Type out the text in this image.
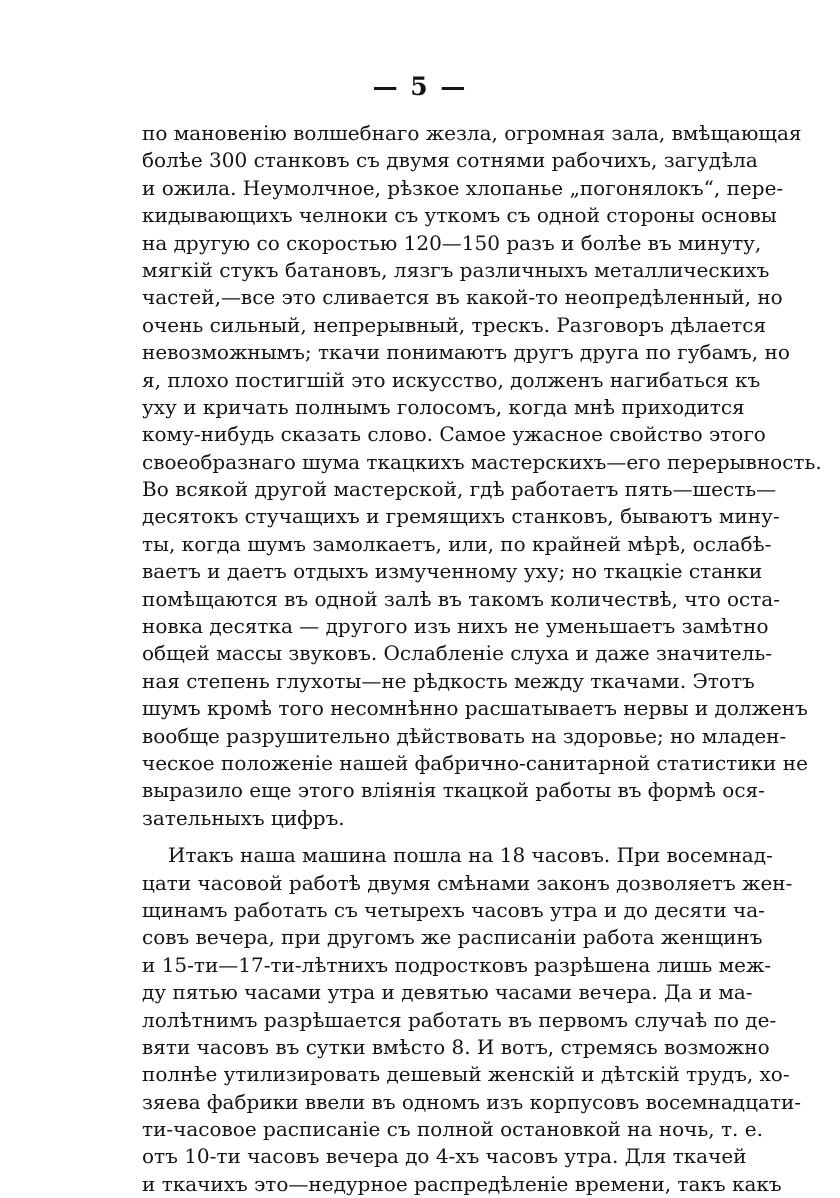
— 5 —
по мановенію волшебнаго жезла, огромная зала, вмѣщающая
болѣе 300 станковъ съ двумя сотнями рабочихъ, загудѣла
и ожила. Неумолчное, рѣзкое хлопанье „погонялокъ“, пере-
кидывающихъ челноки съ уткомъ съ одной стороны основы
на другую со скоростью 120—150 разъ и болѣе въ минуту,
мягкій стукъ батановъ, лязгъ различныхъ металлическихъ
частей,—все это сливается въ какой-то неопредѣленный, но
очень сильный, непрерывный, трескъ. Разговоръ дѣлается
невозможнымъ; ткачи понимаютъ другъ друга по губамъ, но
я, плохо постигшій это искусство, долженъ нагибаться къ
уху и кричать полнымъ голосомъ, когда мнѣ приходится
кому-нибудь сказать слово. Самое ужасное свойство этого
своеобразнаго шума ткацкихъ мастерскихъ—его перерывность.
Во всякой другой мастерской, гдѣ работаетъ пять—шесть—
десятокъ стучащихъ и гремящихъ станковъ, бываютъ мину-
ты, когда шумъ замолкаетъ, или, по крайней мѣрѣ, ослабѣ-
ваетъ и даетъ отдыхъ измученному уху; но ткацкіе станки
помѣщаются въ одной залѣ въ такомъ количествѣ, что оста-
новка десятка — другого изъ нихъ не уменьшаетъ замѣтно
общей массы звуковъ. Ослабленіе слуха и даже значитель-
ная степень глухоты—не рѣдкость между ткачами. Этотъ
шумъ кромѣ того несомнѣнно расшатываетъ нервы и долженъ
вообще разрушительно дѣйствовать на здоровье; но младен-
ческое положеніе нашей фабрично-санитарной статистики не
выразило еще этого вліянія ткацкой работы въ формѣ ося-
зательныхъ цифръ.
Итакъ наша машина пошла на 18 часовъ. При восемнад-
цати часовой работѣ двумя смѣнами законъ дозволяетъ жен-
щинамъ работать съ четырехъ часовъ утра и до десяти ча-
совъ вечера, при другомъ же расписаніи работа женщинъ
и 15-ти—17-ти-лѣтнихъ подростковъ разрѣшена лишь меж-
ду пятью часами утра и девятью часами вечера. Да и ма-
лолѣтнимъ разрѣшается работать въ первомъ случаѣ по де-
вяти часовъ въ сутки вмѣсто 8. И вотъ, стремясь возможно
полнѣе утилизировать дешевый женскій и дѣтскій трудъ, хо-
зяева фабрики ввели въ одномъ изъ корпусовъ восемнадцати-
ти-часовое расписаніе съ полной остановкой на ночь, т. е.
отъ 10-ти часовъ вечера до 4-хъ часовъ утра. Для ткачей
и ткачихъ это—недурное распредѣленіе времени, такъ какъ
